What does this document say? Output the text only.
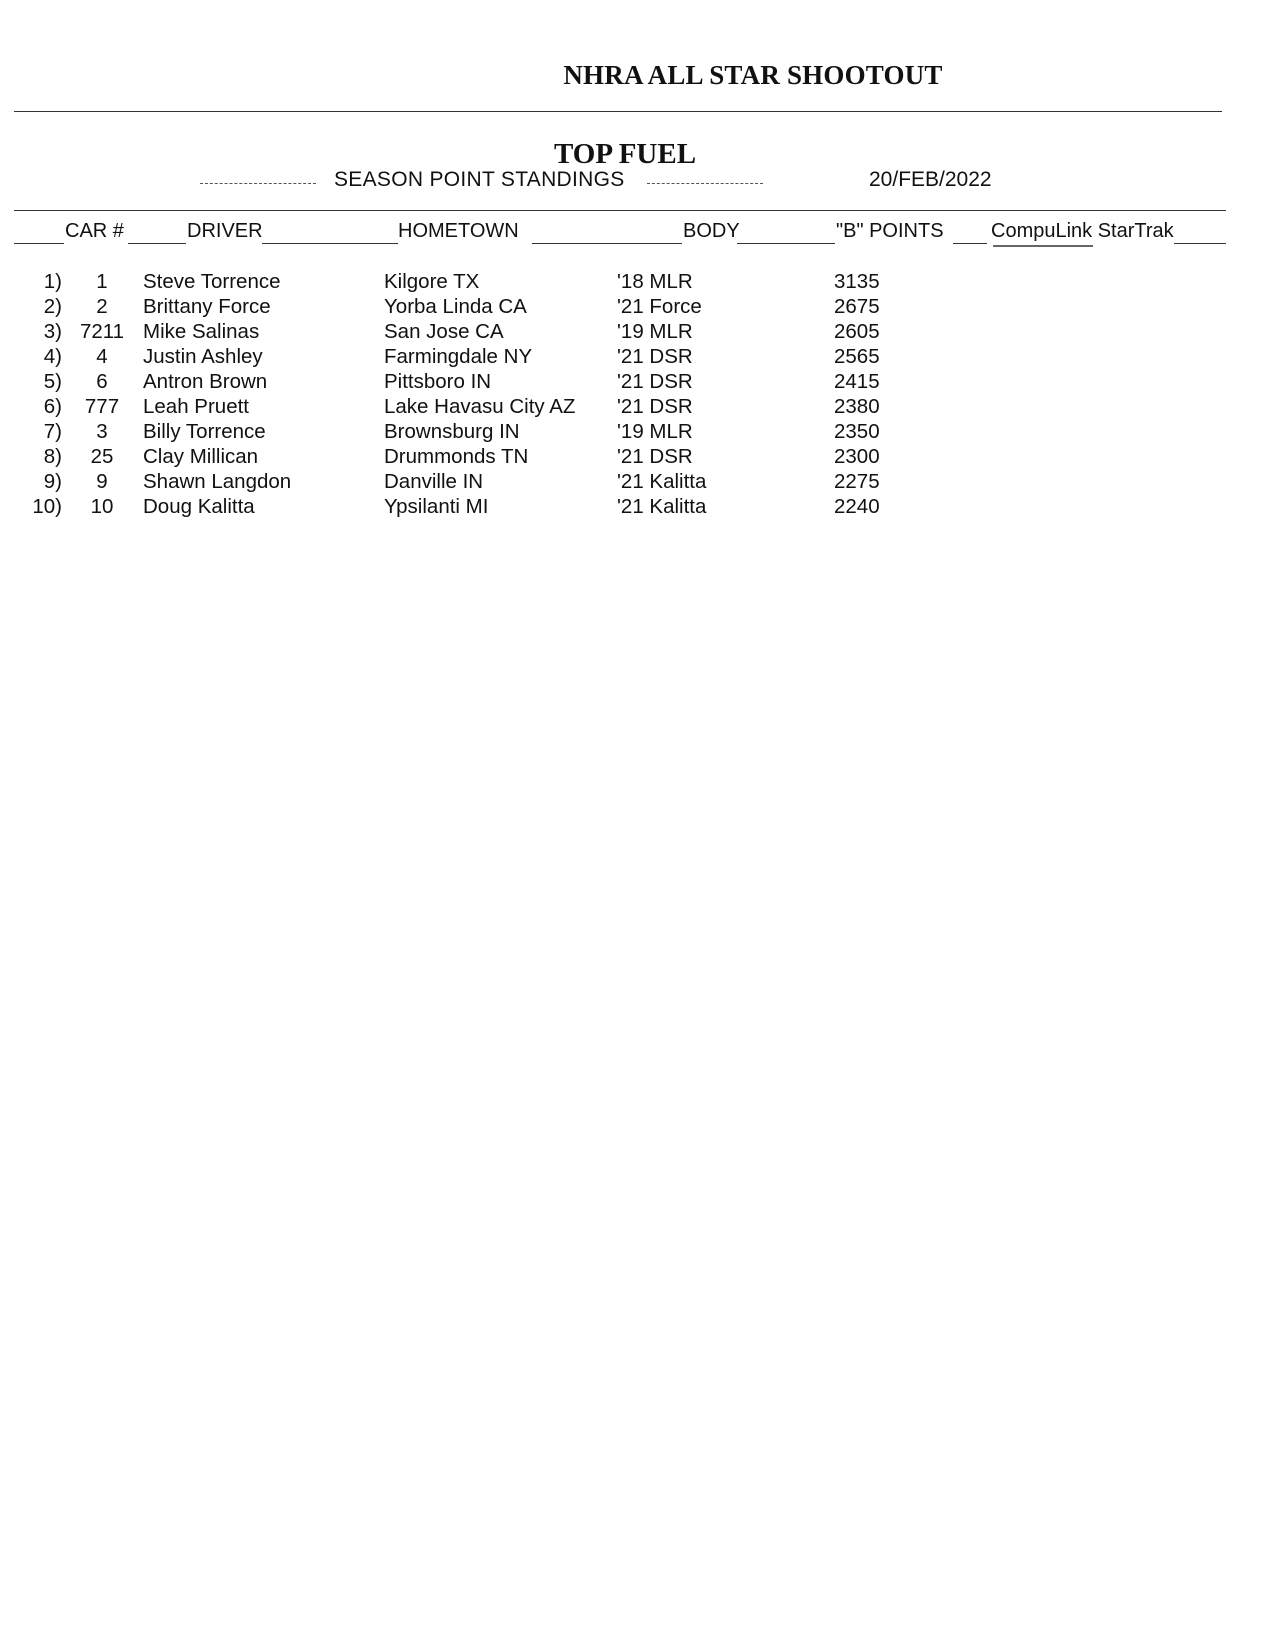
NHRA ALL STAR SHOOTOUT
TOP FUEL
SEASON POINT STANDINGS	20/FEB/2022
CAR #	DRIVER	HOMETOWN	BODY	"B" POINTS CompuLink StarTrak
1)	1	Steve Torrence	Kilgore TX	'18 MLR	3135
2)	2	Brittany Force	Yorba Linda CA	'21 Force	2675
3) 7211 Mike Salinas	San Jose CA	'19 MLR	2605
4)	4	Justin Ashley	Farmingdale NY	'21 DSR	2565
5)	6	Antron Brown	Pittsboro IN	'21 DSR	2415
6)	777	Leah Pruett	Lake Havasu City AZ '21 DSR	2380
7)	3	Billy Torrence	Brownsburg IN	'19 MLR	2350
8)	25	Clay Millican	Drummonds TN	'21 DSR	2300
9)	9	Shawn Langdon	Danville IN	'21 Kalitta	2275
10)	10	Doug Kalitta	Ypsilanti MI	'21 Kalitta	2240
